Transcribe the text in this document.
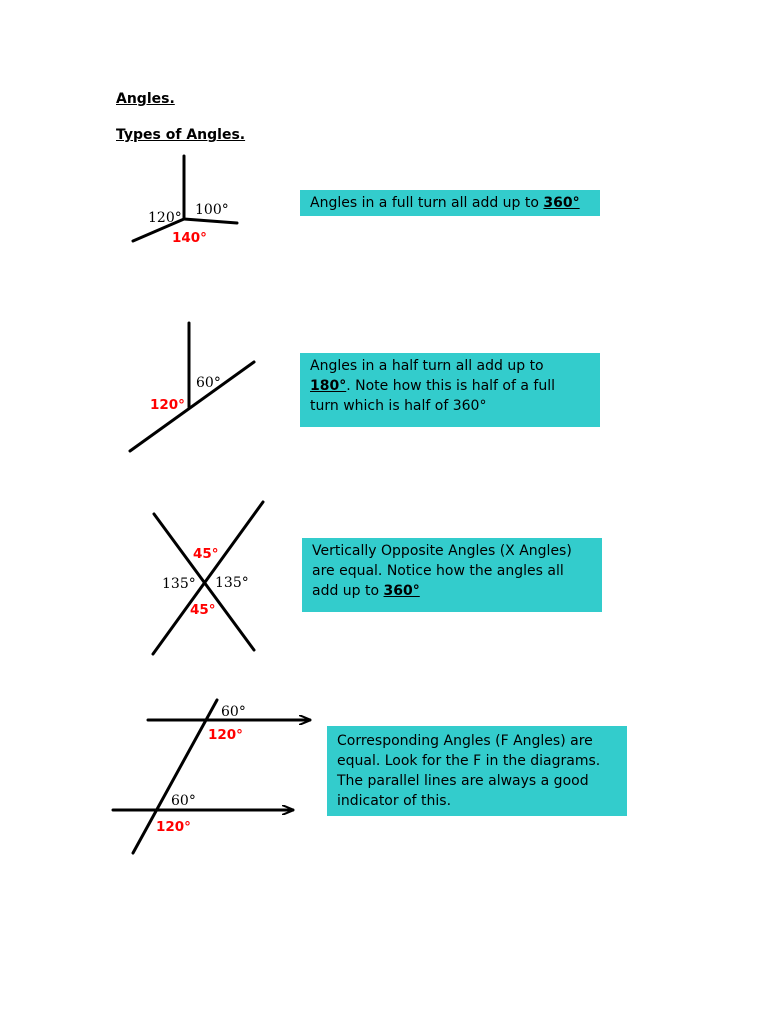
Angles.
Types of Angles.
120° 100°
140°
60°
120°
45°
135° 135°
45°
60°
120°
60°
120°
Angles in a full turn all add up to 360°
Angles in a half turn all add up to
180°. Note how this is half of a full
turn which is half of 360°
Vertically Opposite Angles (X Angles)
are equal. Notice how the angles all
add up to 360°
Corresponding Angles (F Angles) are
equal. Look for the F in the diagrams.
The parallel lines are always a good
indicator of this.
